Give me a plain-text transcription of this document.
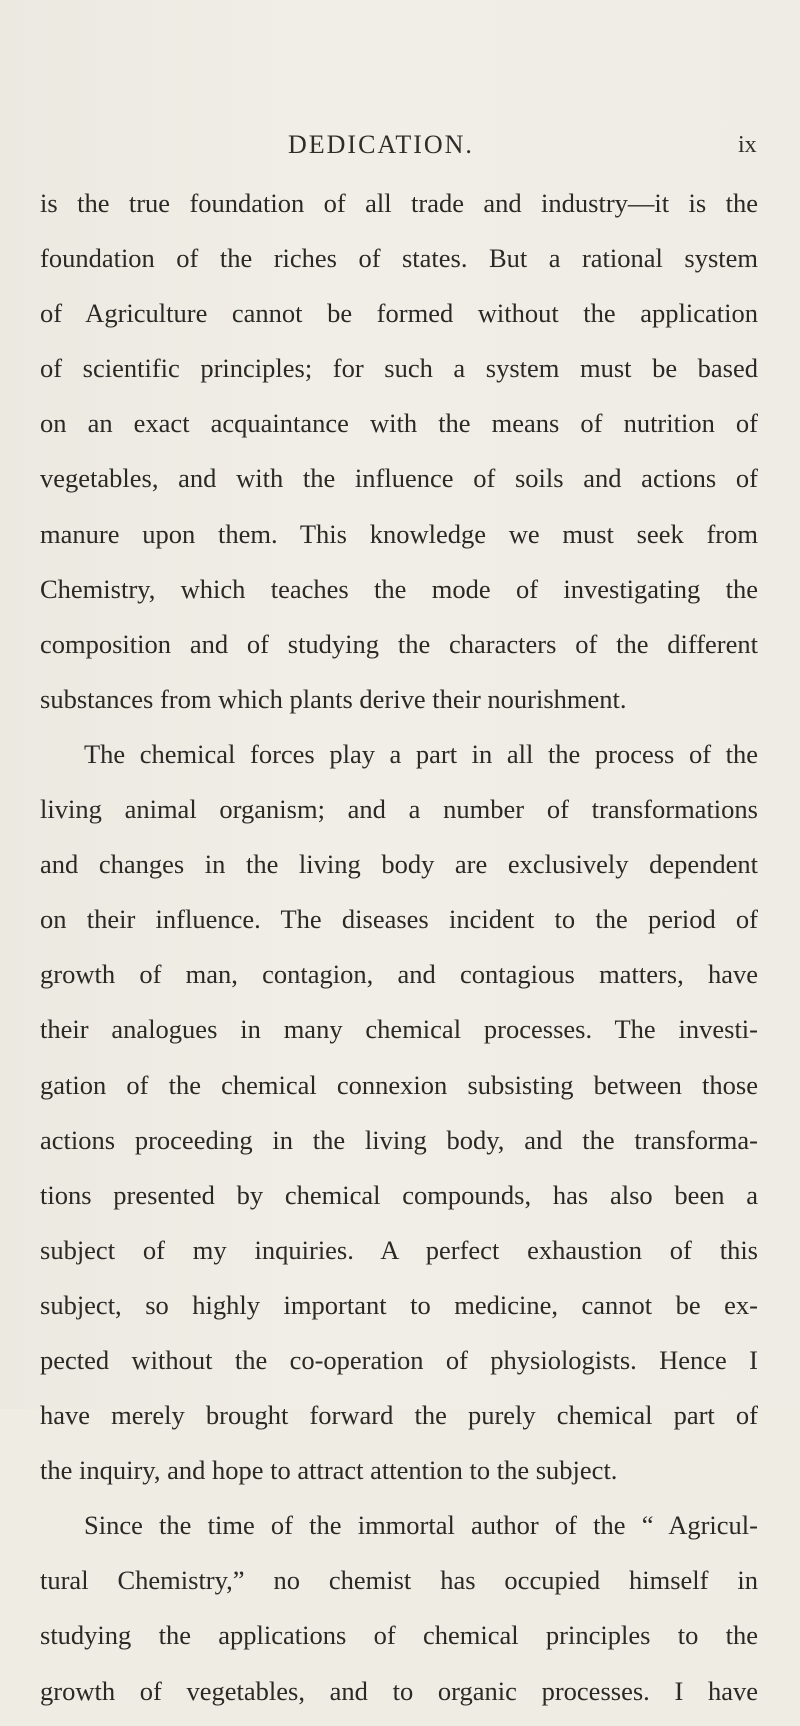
DEDICATION.	ix
is the true foundation of all trade and industry—it is the
foundation of the riches of states. But a rational system
of Agriculture cannot be formed without the application
of scientific principles; for such a system must be based
on an exact acquaintance with the means of nutrition of
vegetables, and with the influence of soils and actions of
manure upon them. This knowledge we must seek from
Chemistry, which teaches the mode of investigating the
composition and of studying the characters of the different
substances from which plants derive their nourishment.
The chemical forces play a part in all the process of the
living animal organism; and a number of transformations
and changes in the living body are exclusively dependent
on their influence. The diseases incident to the period of
growth of man, contagion, and contagious matters, have
their analogues in many chemical processes. The investi-
gation of the chemical connexion subsisting between those
actions proceeding in the living body, and the transforma-
tions presented by chemical compounds, has also been a
subject of my inquiries. A perfect exhaustion of this
subject, so highly important to medicine, cannot be ex-
pected without the co-operation of physiologists. Hence I
have merely brought forward the purely chemical part of
the inquiry, and hope to attract attention to the subject.
Since the time of the immortal author of the “ Agricul-
tural Chemistry,” no chemist has occupied himself in
studying the applications of chemical principles to the
growth of vegetables, and to organic processes. I have
